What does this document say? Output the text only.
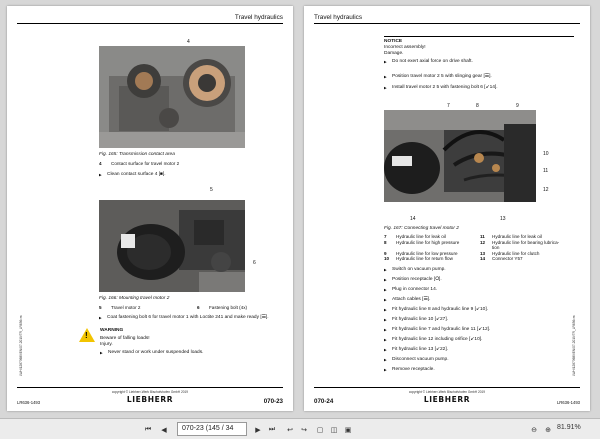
Travel hydraulics
4
Fig. 165: Transmission contact area
4	Contact surface for travel motor 2
▶ Clean contact surface 4 [■].
5
6
Fig. 166: Mounting travel motor 2
5	Travel motor 2	6	Fastening bolt (4x)
▶ Coat fastening bolt 6 for travel motor 1 with Loctite 241 and make ready [☰].
!
WARNING
Beware of falling loads!
Injury.
▶ Never stand or work under suspended loads.
LWH/12873689/EN/07-2019/TR_LR636cm
copyright © Liebherr-Werk Bischofshofen GmbH 2019
LIEBHERR
LR636-1493	070-23
Travel hydraulics
NOTICE
Incorrect assembly!
Damage.
▶ Do not exert axial force on drive shaft.
▶ Position travel motor 2 5 with slinging gear [☰].
▶ Install travel motor 2 5 with fastening bolt 6 [↙14].
7	8	9
10
11
12
13
14
Fig. 167: Connecting travel motor 2
7	Hydraulic line for leak oil	11	Hydraulic line for leak oil
8	Hydraulic line for high pressure	12	Hydraulic line for bearing lubrica-
tion
9	Hydraulic line for low pressure	13	Hydraulic line for clutch
10	Hydraulic line for return flow	14	Connector Y57
▶ Switch on vacuum pump.
▶ Position receptacle [⭘].
▶ Plug in connector 14.
▶ Attach cables [☰].
▶ Fit hydraulic line 8 and hydraulic line 9 [↙10].
▶ Fit hydraulic line 10 [↙27].
▶ Fit hydraulic line 7 and hydraulic line 11 [↙12].
▶ Fit hydraulic line 12 including orifice [↙10].
▶ Fit hydraulic line 13 [↙22].
▶ Disconnect vacuum pump.
▶ Remove receptacle.	LWH/12873689/EN/07-2019/TR_LR636cm
copyright © Liebherr-Werk Bischofshofen GmbH 2019
LIEBHERR
070-24	LR636-1493
⏮	◀	070-23 (145 / 34	▶	⏭	↩	↪	▢	◫	▣	⊖	⊕ 81.91%
